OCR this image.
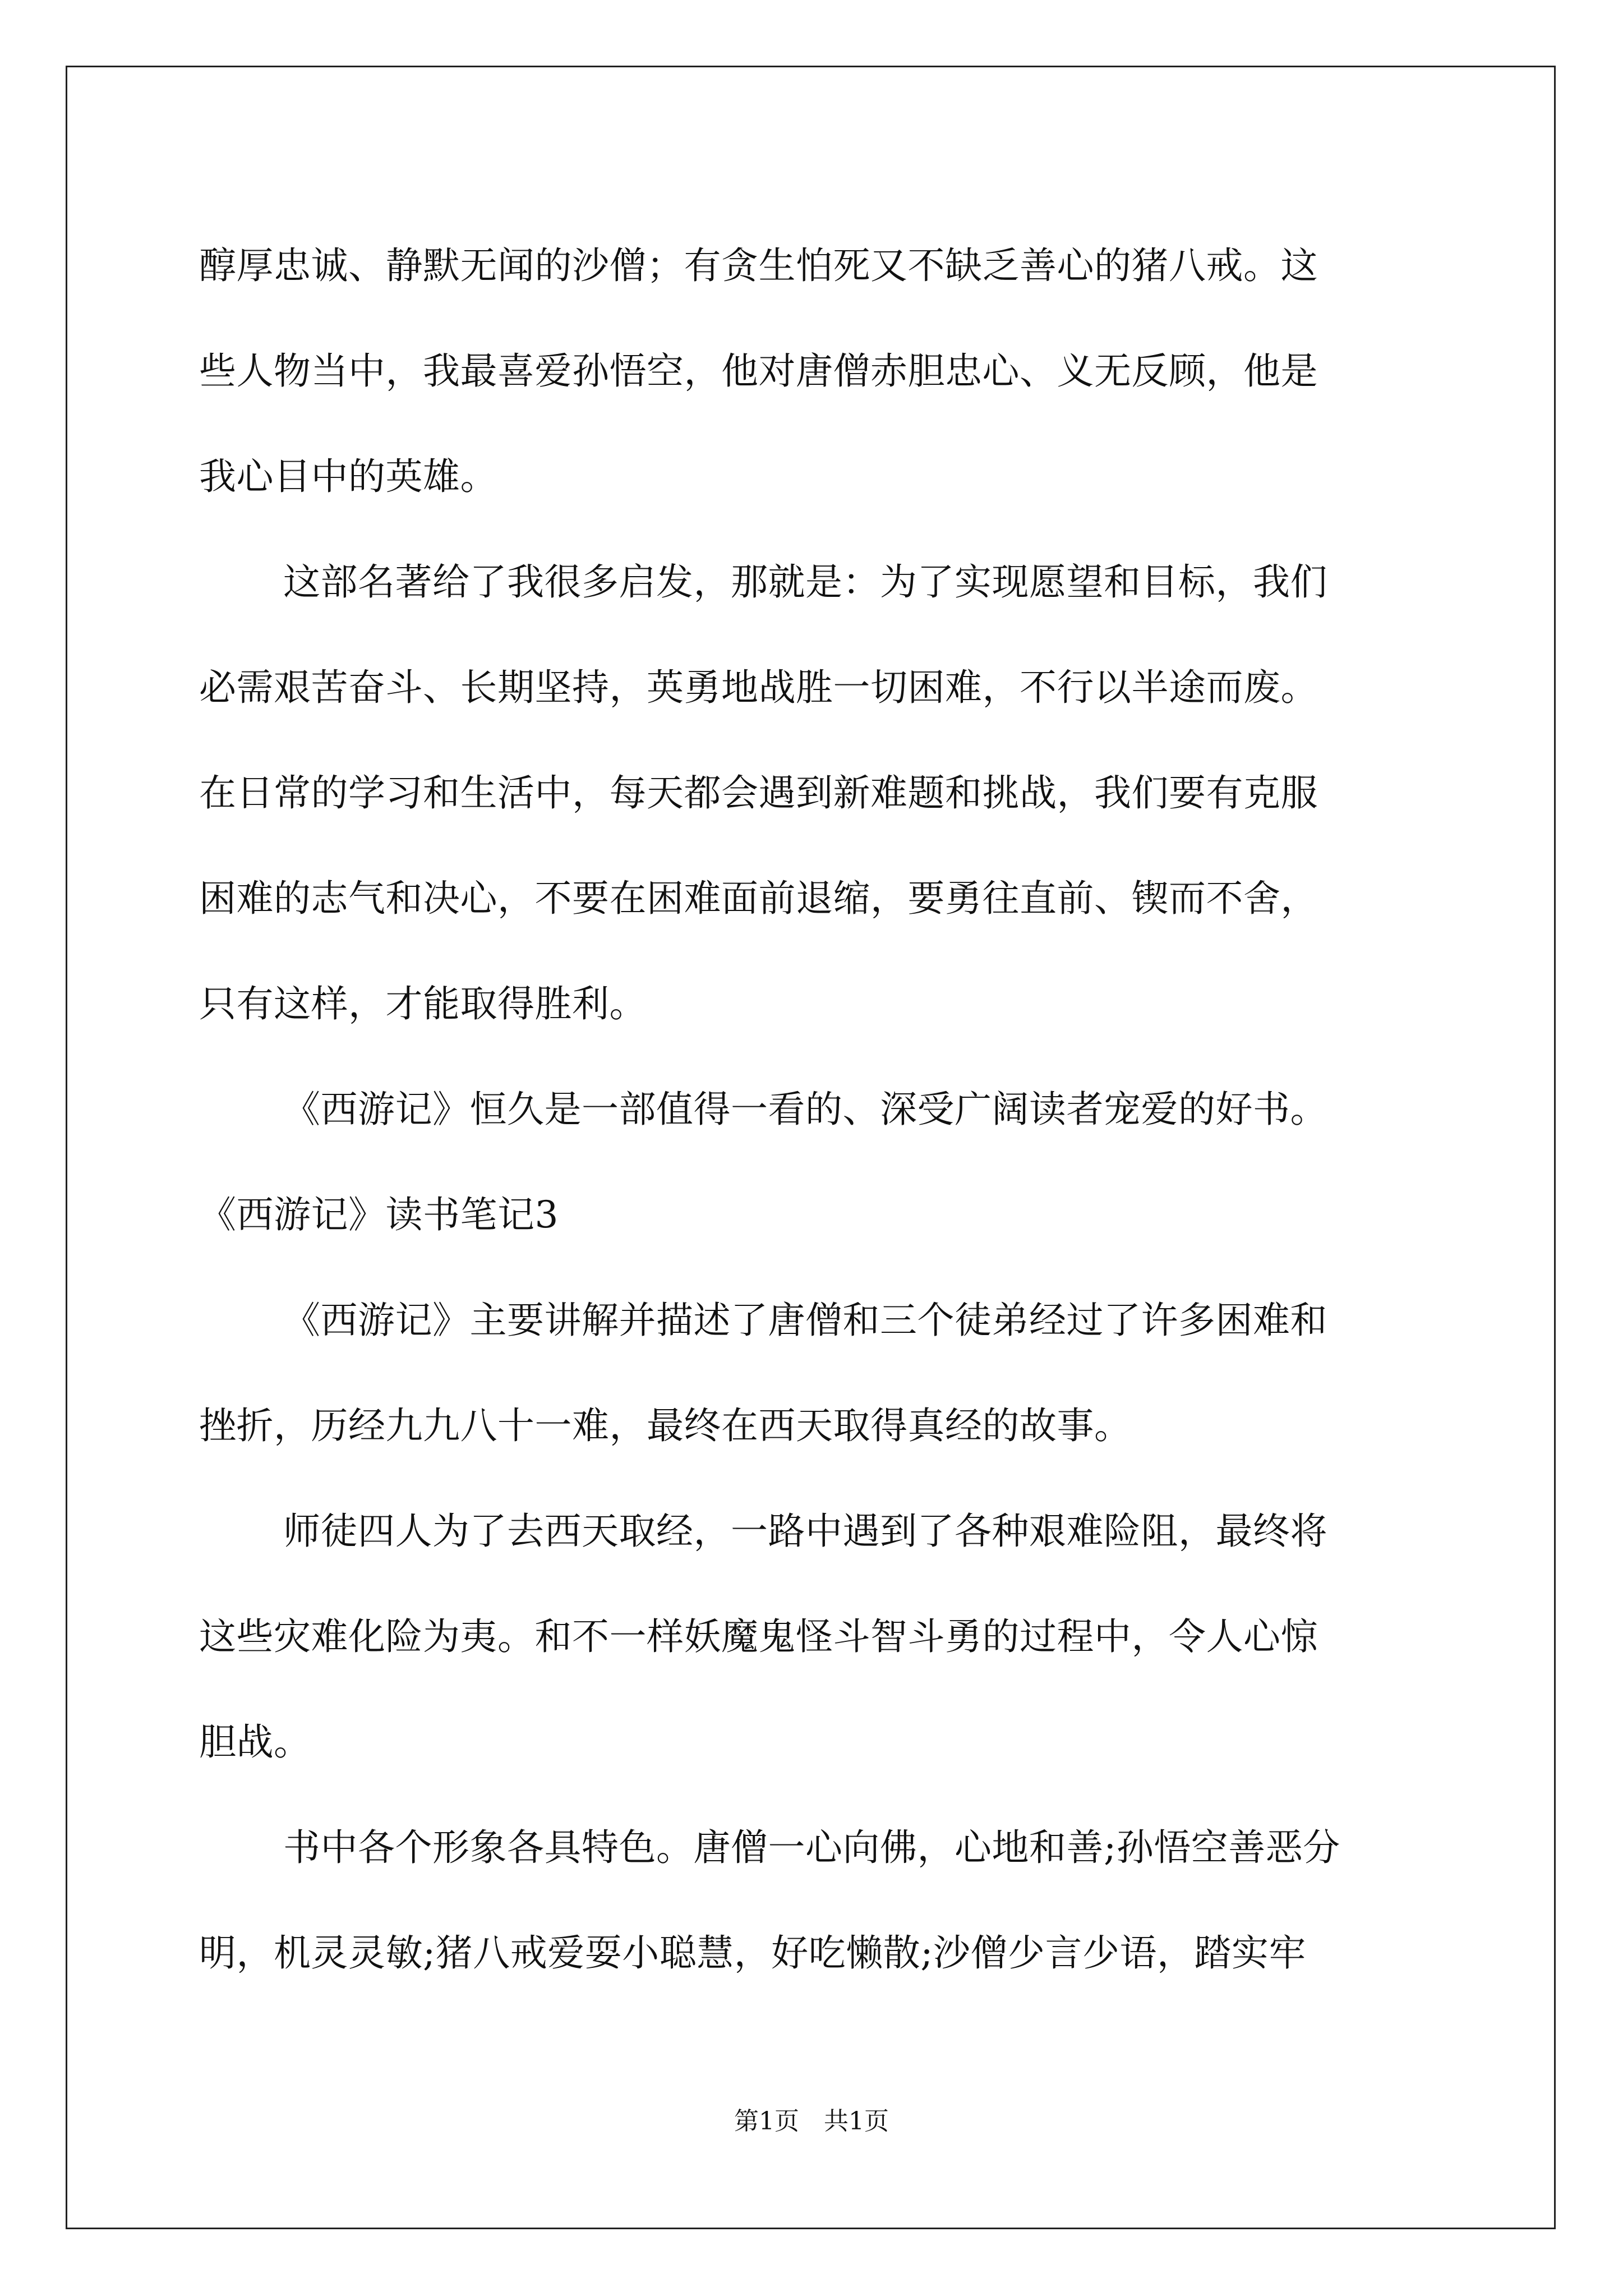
醇厚忠诚、静默无闻的沙僧；有贪生怕死又不缺乏善心的猪八戒。这
些人物当中，我最喜爱孙悟空，他对唐僧赤胆忠心、义无反顾，他是
我心目中的英雄。
这部名著给了我很多启发，那就是：为了实现愿望和目标，我们
必需艰苦奋斗、长期坚持，英勇地战胜一切困难，不行以半途而废。
在日常的学习和生活中，每天都会遇到新难题和挑战，我们要有克服
困难的志气和决心，不要在困难面前退缩，要勇往直前、锲而不舍，
只有这样，才能取得胜利。
《西游记》恒久是一部值得一看的、深受广阔读者宠爱的好书。
《西游记》读书笔记3
《西游记》主要讲解并描述了唐僧和三个徒弟经过了许多困难和
挫折，历经九九八十一难，最终在西天取得真经的故事。
师徒四人为了去西天取经，一路中遇到了各种艰难险阻，最终将
这些灾难化险为夷。和不一样妖魔鬼怪斗智斗勇的过程中，令人心惊
胆战。
书中各个形象各具特色。唐僧一心向佛，心地和善;孙悟空善恶分
明，机灵灵敏;猪八戒爱耍小聪慧，好吃懒散;沙僧少言少语，踏实牢
第1页　共1页
